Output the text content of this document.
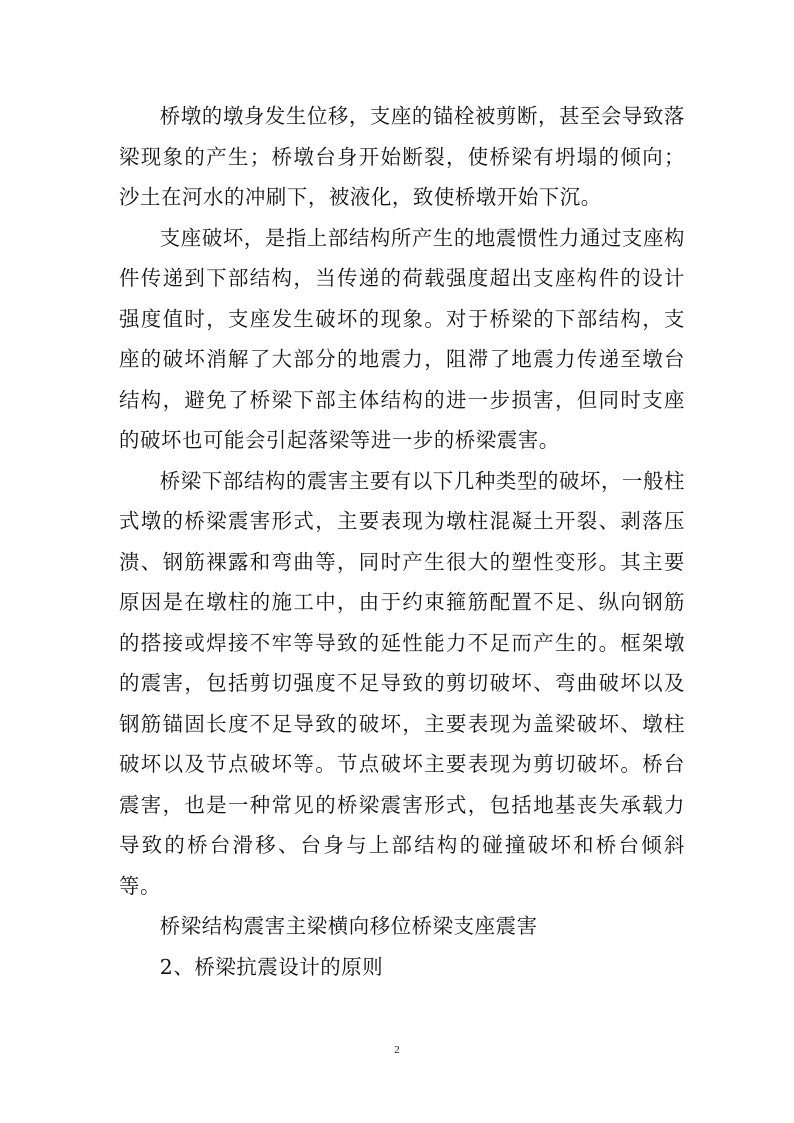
桥墩的墩身发生位移，支座的锚栓被剪断，甚至会导致落梁现象的产生；桥墩台身开始断裂，使桥梁有坍塌的倾向；沙土在河水的冲刷下，被液化，致使桥墩开始下沉。

支座破坏，是指上部结构所产生的地震惯性力通过支座构件传递到下部结构，当传递的荷载强度超出支座构件的设计强度值时，支座发生破坏的现象。对于桥梁的下部结构，支座的破坏消解了大部分的地震力，阻滞了地震力传递至墩台结构，避免了桥梁下部主体结构的进一步损害，但同时支座的破坏也可能会引起落梁等进一步的桥梁震害。

桥梁下部结构的震害主要有以下几种类型的破坏，一般柱式墩的桥梁震害形式，主要表现为墩柱混凝土开裂、剥落压溃、钢筋裸露和弯曲等，同时产生很大的塑性变形。其主要原因是在墩柱的施工中，由于约束箍筋配置不足、纵向钢筋的搭接或焊接不牢等导致的延性能力不足而产生的。框架墩的震害，包括剪切强度不足导致的剪切破坏、弯曲破坏以及钢筋锚固长度不足导致的破坏，主要表现为盖梁破坏、墩柱破坏以及节点破坏等。节点破坏主要表现为剪切破坏。桥台震害，也是一种常见的桥梁震害形式，包括地基丧失承载力导致的桥台滑移、台身与上部结构的碰撞破坏和桥台倾斜等。

桥梁结构震害主梁横向移位桥梁支座震害

2、桥梁抗震设计的原则

2
